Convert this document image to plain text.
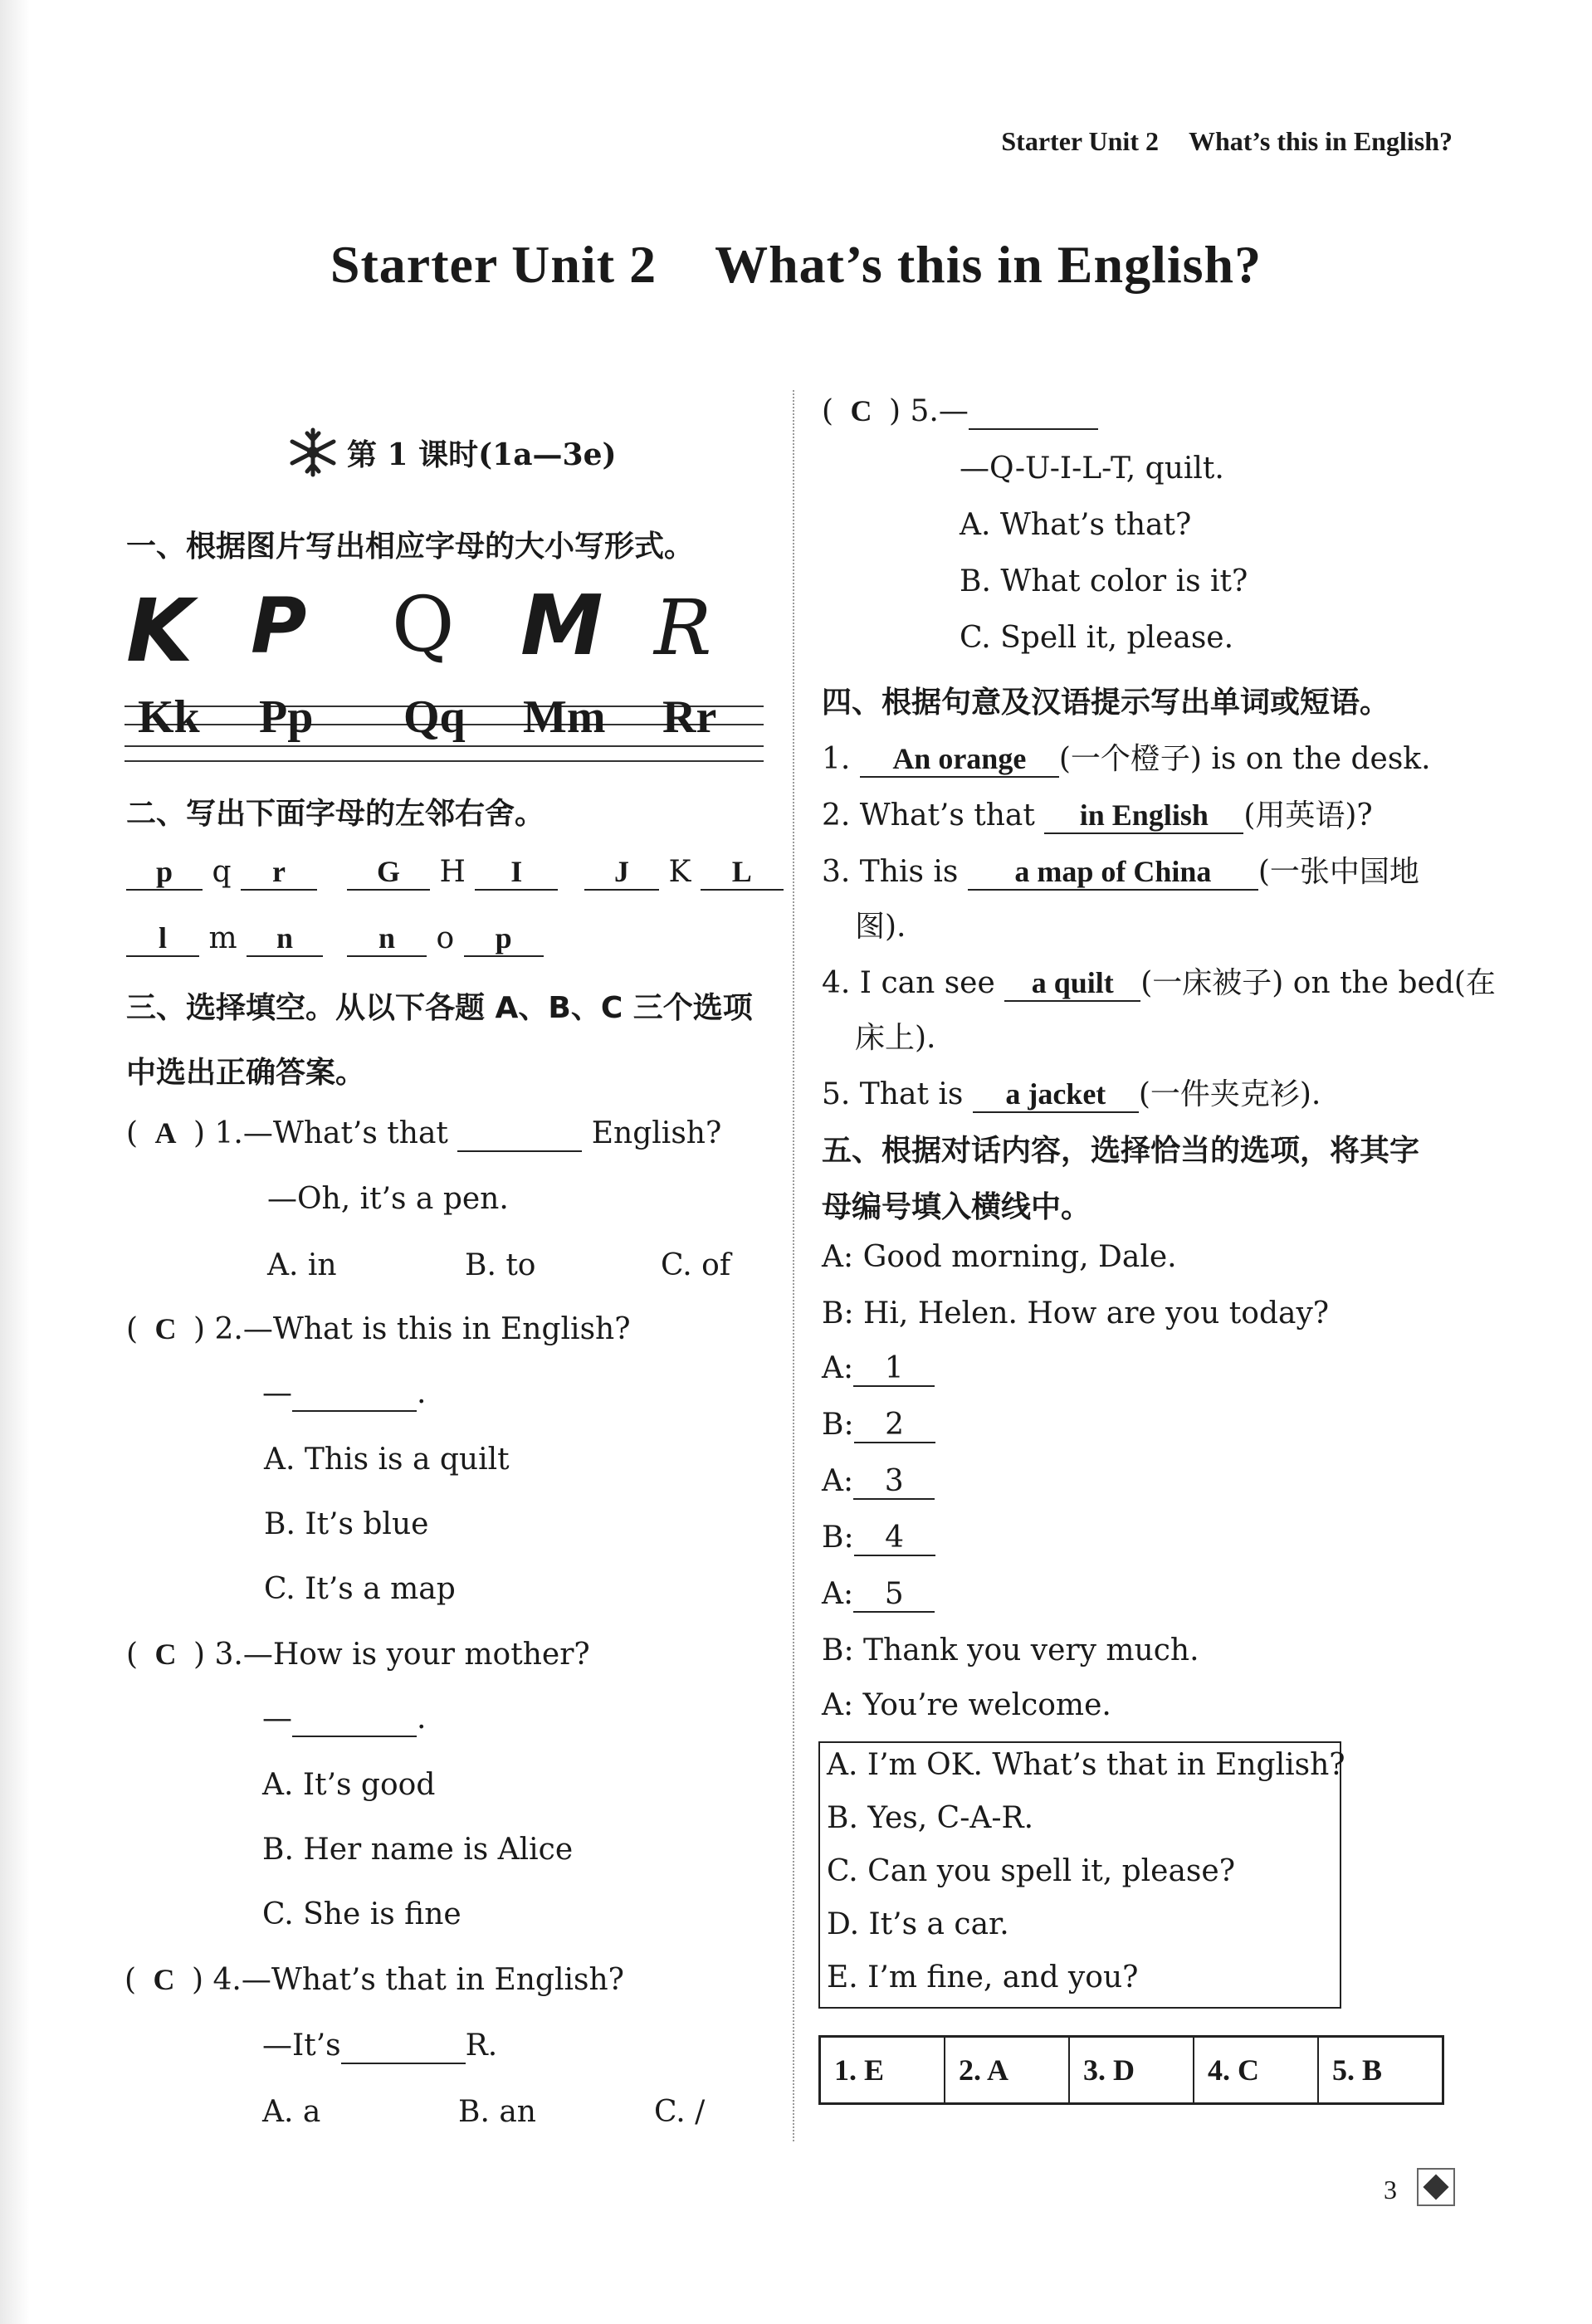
Starter Unit 2 What’s this in English?
Starter Unit 2 What’s this in English?
第 1 课时(1a—3e)
一、根据图片写出相应字母的大小写形式。
K P Q M R
Kk Pp Qq Mm Rr
二、写出下面字母的左邻右舍。
p q r	G H I	J K L
l m n	n o p
三、选择填空。从以下各题 A、B、C 三个选项
中选出正确答案。
( A ) 1.—What’s that	English?
—Oh, it’s a pen.
A. in	B. to	C. of
( C ) 2.—What is this in English?
—	.
A. This is a quilt
B. It’s blue
C. It’s a map
( C ) 3.—How is your mother?
—	.
A. It’s good
B. Her name is Alice
C. She is fine
( C ) 4.—What’s that in English?
—It’s	R.
A. a	B. an	C. /
( C ) 5.—
—Q-U-I-L-T, quilt.
A. What’s that?
B. What color is it?
C. Spell it, please.
四、根据句意及汉语提示写出单词或短语。
1. An orange (一个橙子) is on the desk.
2. What’s that in English (用英语)?
3. This is a map of China (一张中国地
图).
4. I can see a quilt (一床被子) on the bed(在
床上).
5. That is a jacket (一件夹克衫).
五、根据对话内容，选择恰当的选项，将其字
母编号填入横线中。
A: Good morning, Dale.
B: Hi, Helen. How are you today?
A: 1
B: 2
A: 3
B: 4
A: 5
B: Thank you very much.
A: You’re welcome.
A. I’m OK. What’s that in English?
B. Yes, C-A-R.
C. Can you spell it, please?
D. It’s a car.
E. I’m fine, and you?
1. E	2. A	3. D	4. C	5. B
3
